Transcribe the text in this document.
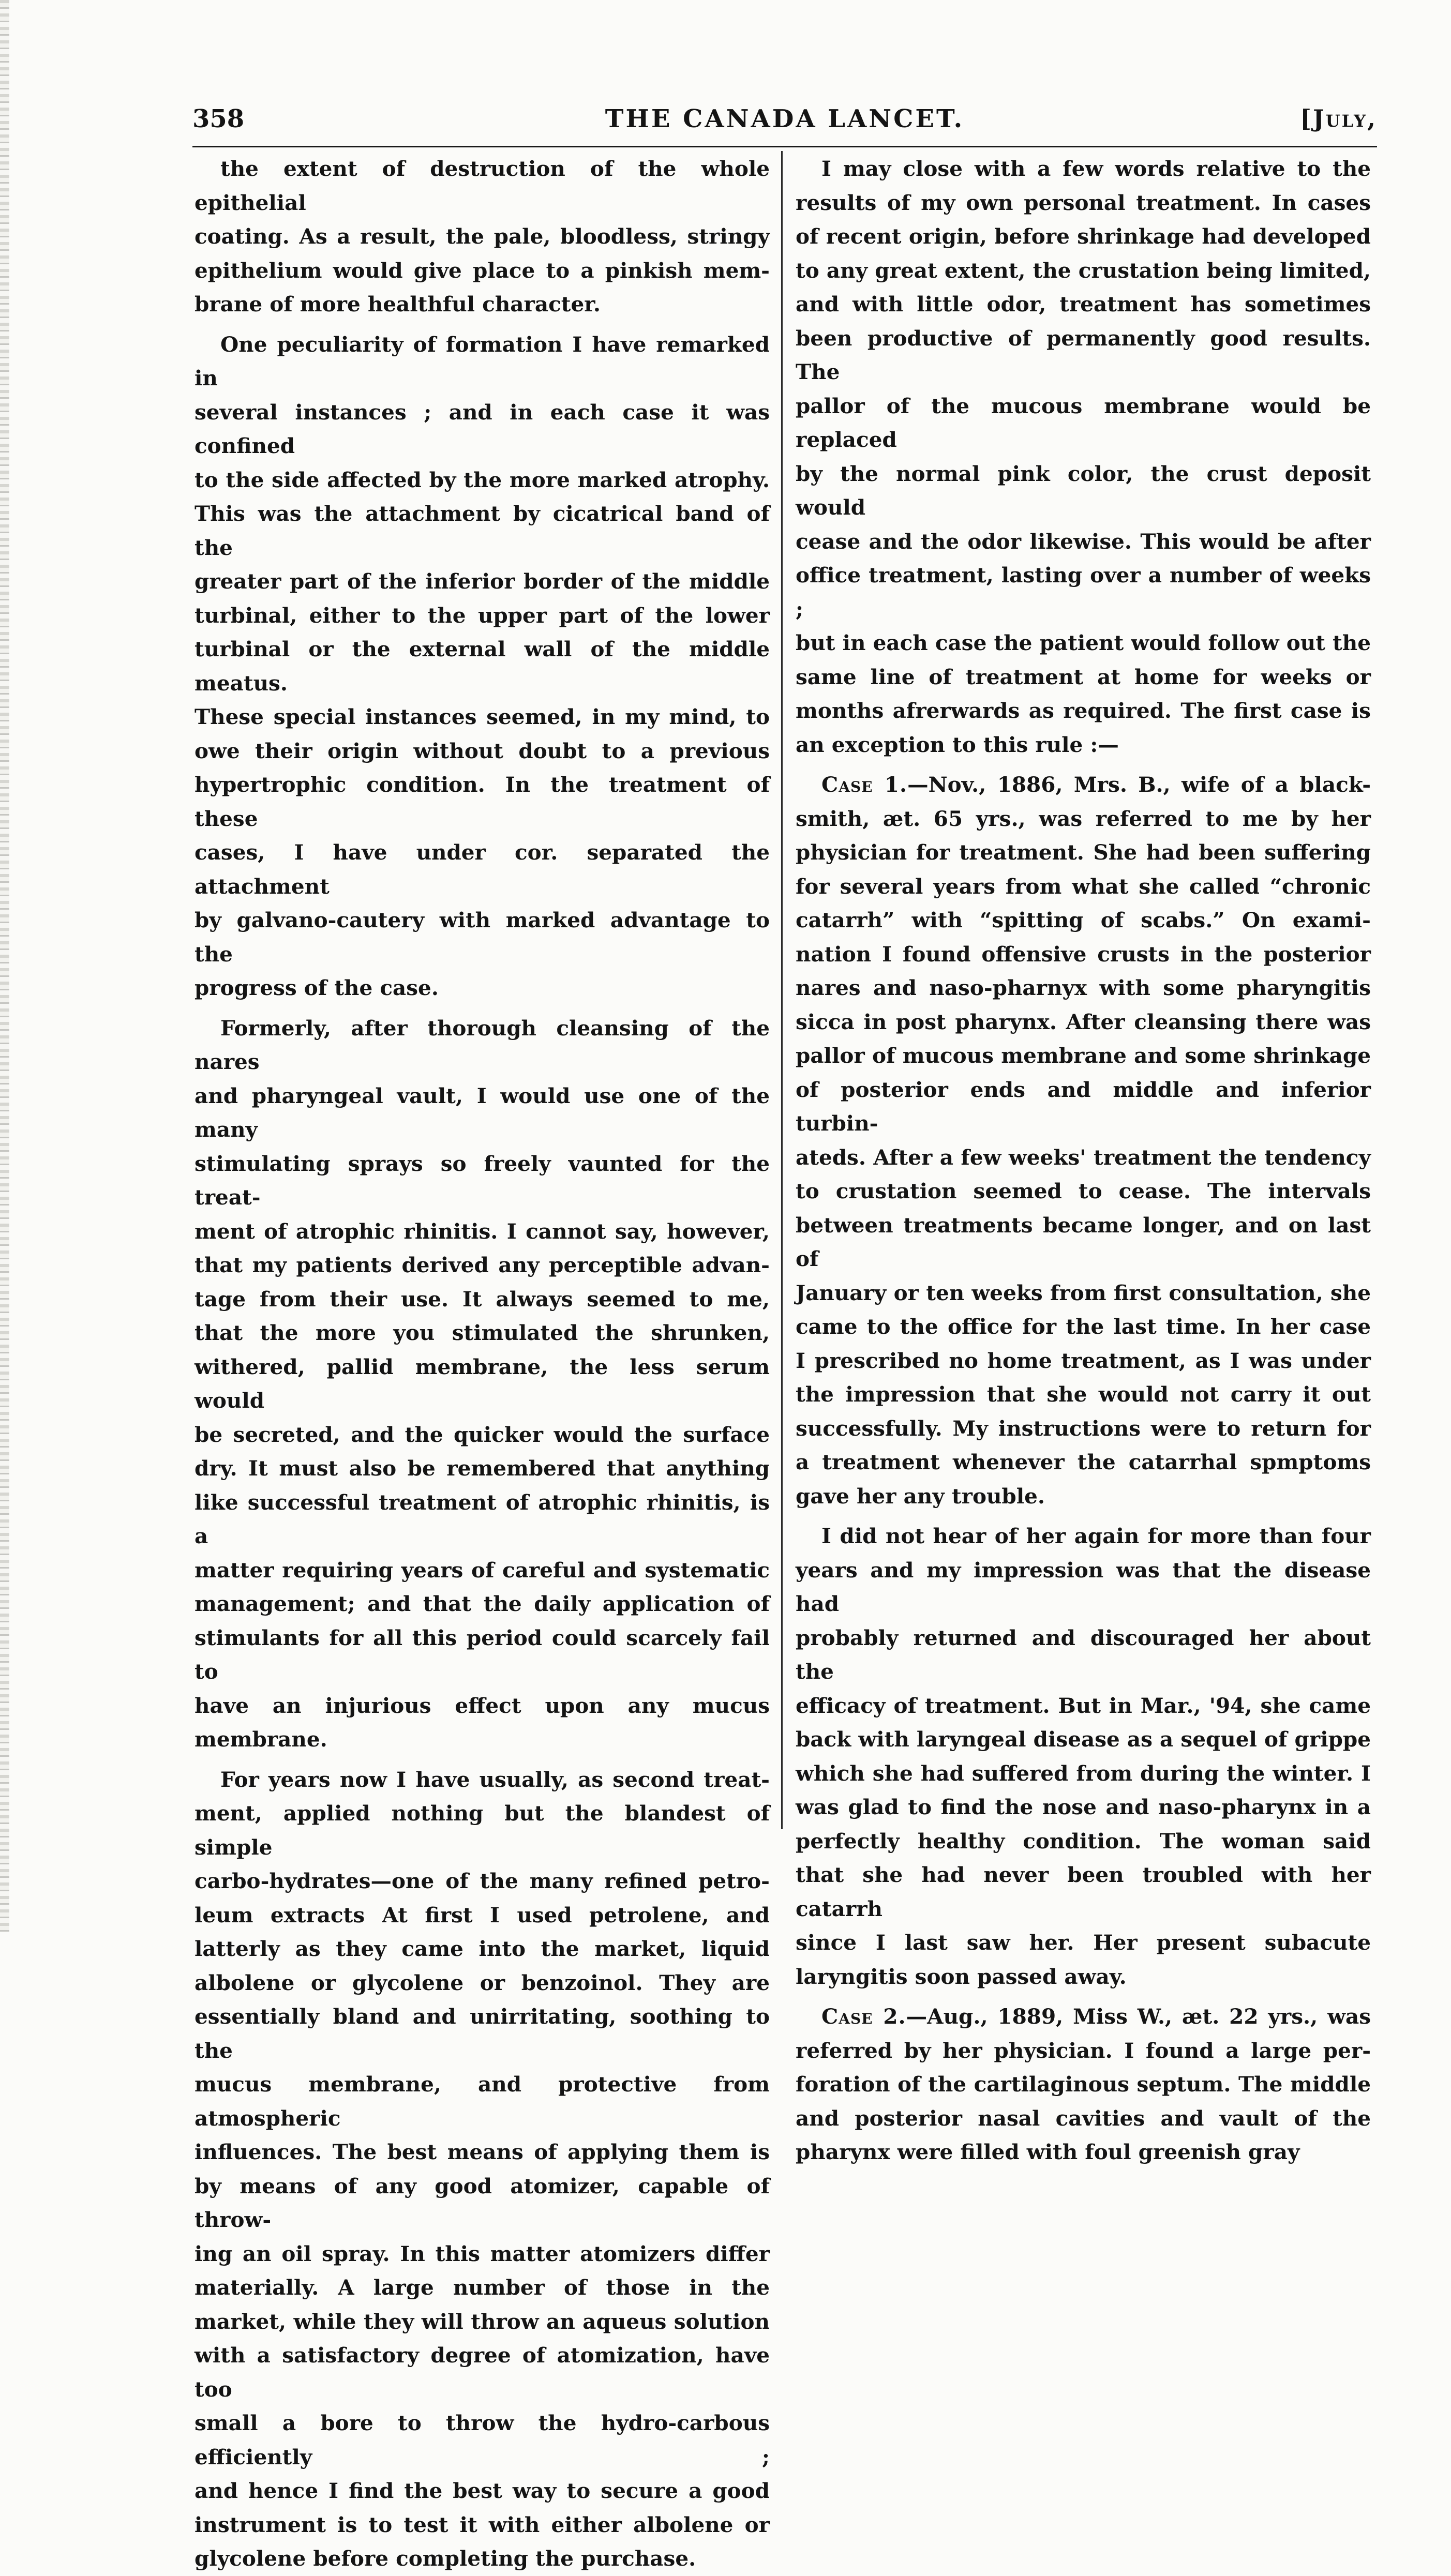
358	THE CANADA LANCET.	[July,
the extent of destruction of the whole epithelial
coating. As a result, the pale, bloodless, stringy
epithelium would give place to a pinkish mem-
brane of more healthful character.
One peculiarity of formation I have remarked in
several instances ; and in each case it was confined
to the side affected by the more marked atrophy.
This was the attachment by cicatrical band of the
greater part of the inferior border of the middle
turbinal, either to the upper part of the lower
turbinal or the external wall of the middle meatus.
These special instances seemed, in my mind, to
owe their origin without doubt to a previous
hypertrophic condition. In the treatment of these
cases, I have under cor. separated the attachment
by galvano-cautery with marked advantage to the
progress of the case.
Formerly, after thorough cleansing of the nares
and pharyngeal vault, I would use one of the many
stimulating sprays so freely vaunted for the treat-
ment of atrophic rhinitis. I cannot say, however,
that my patients derived any perceptible advan-
tage from their use. It always seemed to me,
that the more you stimulated the shrunken,
withered, pallid membrane, the less serum would
be secreted, and the quicker would the surface
dry. It must also be remembered that anything
like successful treatment of atrophic rhinitis, is a
matter requiring years of careful and systematic
management; and that the daily application of
stimulants for all this period could scarcely fail to
have an injurious effect upon any mucus membrane.
For years now I have usually, as second treat-
ment, applied nothing but the blandest of simple
carbo-hydrates—one of the many refined petro-
leum extracts At first I used petrolene, and
latterly as they came into the market, liquid
albolene or glycolene or benzoinol. They are
essentially bland and unirritating, soothing to the
mucus membrane, and protective from atmospheric
influences. The best means of applying them is
by means of any good atomizer, capable of throw-
ing an oil spray. In this matter atomizers differ
materially. A large number of those in the
market, while they will throw an aqueus solution
with a satisfactory degree of atomization, have too
small a bore to throw the hydro-carbous efficiently ;
and hence I find the best way to secure a good
instrument is to test it with either albolene or
glycolene before completing the purchase.
I may close with a few words relative to the
results of my own personal treatment. In cases
of recent origin, before shrinkage had developed
to any great extent, the crustation being limited,
and with little odor, treatment has sometimes
been productive of permanently good results. The
pallor of the mucous membrane would be replaced
by the normal pink color, the crust deposit would
cease and the odor likewise. This would be after
office treatment, lasting over a number of weeks ;
but in each case the patient would follow out the
same line of treatment at home for weeks or
months afrerwards as required. The first case is
an exception to this rule :—
Case 1.—Nov., 1886, Mrs. B., wife of a black-
smith, æt. 65 yrs., was referred to me by her
physician for treatment. She had been suffering
for several years from what she called “chronic
catarrh” with “spitting of scabs.” On exami-
nation I found offensive crusts in the posterior
nares and naso-pharnyx with some pharyngitis
sicca in post pharynx. After cleansing there was
pallor of mucous membrane and some shrinkage
of posterior ends and middle and inferior turbin-
ateds. After a few weeks' treatment the tendency
to crustation seemed to cease. The intervals
between treatments became longer, and on last of
January or ten weeks from first consultation, she
came to the office for the last time. In her case
I prescribed no home treatment, as I was under
the impression that she would not carry it out
successfully. My instructions were to return for
a treatment whenever the catarrhal spmptoms
gave her any trouble.
I did not hear of her again for more than four
years and my impression was that the disease had
probably returned and discouraged her about the
efficacy of treatment. But in Mar., '94, she came
back with laryngeal disease as a sequel of grippe
which she had suffered from during the winter. I
was glad to find the nose and naso-pharynx in a
perfectly healthy condition. The woman said
that she had never been troubled with her catarrh
since I last saw her. Her present subacute
laryngitis soon passed away.
Case 2.—Aug., 1889, Miss W., æt. 22 yrs., was
referred by her physician. I found a large per-
foration of the cartilaginous septum. The middle
and posterior nasal cavities and vault of the
pharynx were filled with foul greenish gray
